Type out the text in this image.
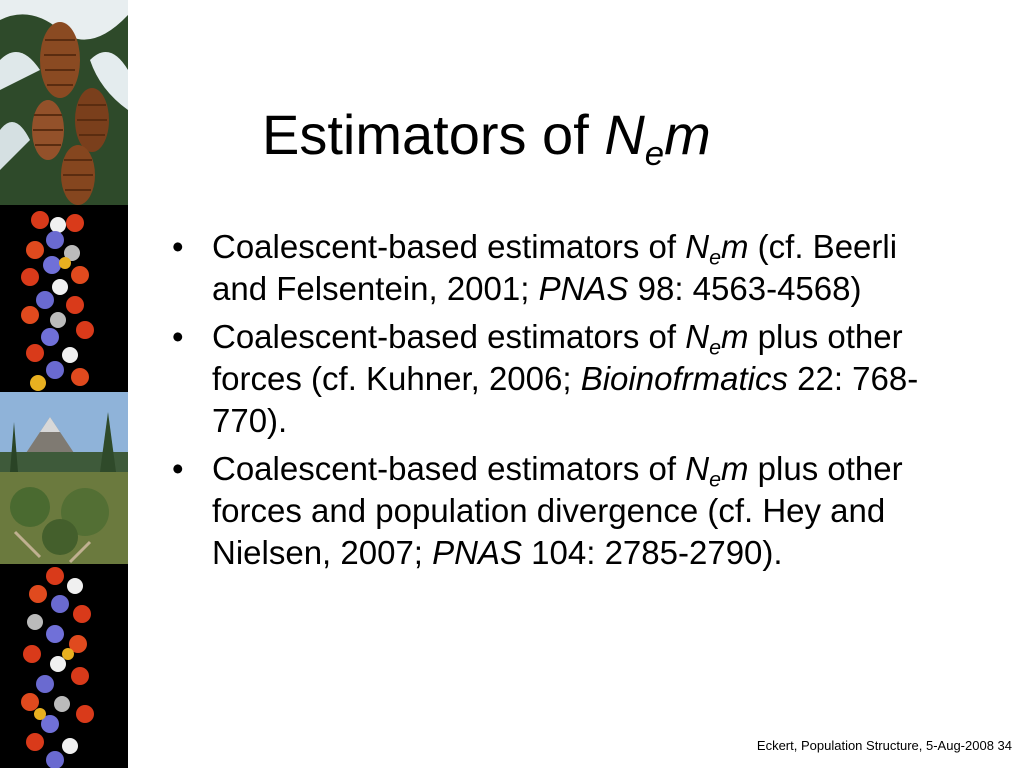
Estimators of $N_em$
• Coalescent-based estimators of $N_em$ (cf. Beerli and Felsentein, 2001; PNAS 98: 4563-4568)
• Coalescent-based estimators of $N_em$ plus other forces (cf. Kuhner, 2006; Bioinofrmatics 22: 768-770).
• Coalescent-based estimators of $N_em$ plus other forces and population divergence (cf. Hey and Nielsen, 2007; PNAS 104: 2785-2790).
Eckert, Population Structure, 5-Aug-2008 34
